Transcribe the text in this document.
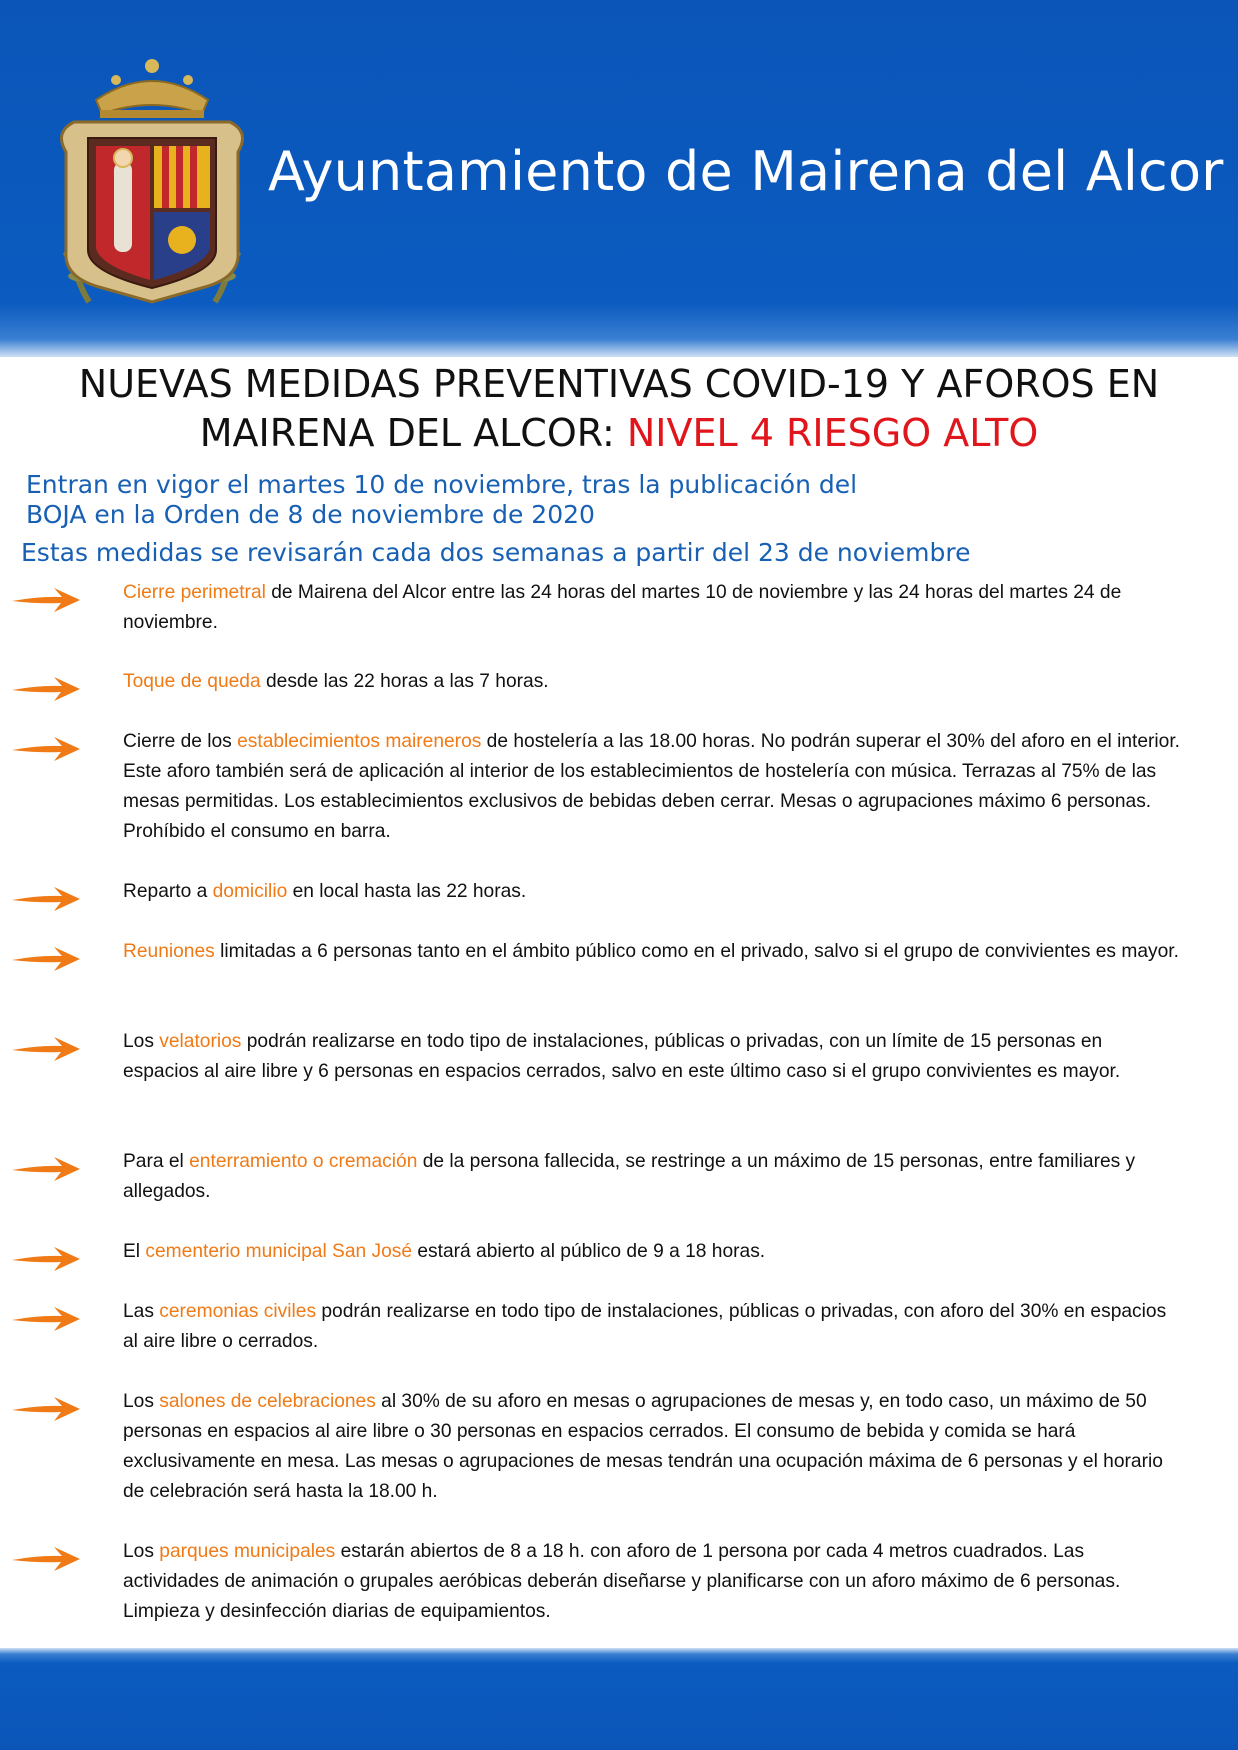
Ayuntamiento de Mairena del Alcor
NUEVAS MEDIDAS PREVENTIVAS COVID-19 Y AFOROS EN
MAIRENA DEL ALCOR: NIVEL 4 RIESGO ALTO
Entran en vigor el martes 10 de noviembre, tras la publicación del
BOJA en la Orden de 8 de noviembre de 2020
Estas medidas se revisarán cada dos semanas a partir del 23 de noviembre
Cierre perimetral de Mairena del Alcor entre las 24 horas del martes 10 de noviembre y las 24 horas del martes 24 de noviembre.
Toque de queda desde las 22 horas a las 7 horas.
Cierre de los establecimientos maireneros de hostelería a las 18.00 horas. No podrán superar el 30% del aforo en el interior. Este aforo también será de aplicación al interior de los establecimientos de hostelería con música. Terrazas al 75% de las mesas permitidas. Los establecimientos exclusivos de bebidas deben cerrar. Mesas o agrupaciones máximo 6 personas. Prohíbido el consumo en barra.
Reparto a domicilio en local hasta las 22 horas.
Reuniones limitadas a 6 personas tanto en el ámbito público como en el privado, salvo si el grupo de convivientes es mayor.
Los velatorios podrán realizarse en todo tipo de instalaciones, públicas o privadas, con un límite de 15 personas en espacios al aire libre y 6 personas en espacios cerrados, salvo en este último caso si el grupo convivientes es mayor.
Para el enterramiento o cremación de la persona fallecida, se restringe a un máximo de 15 personas, entre familiares y allegados.
El cementerio municipal San José estará abierto al público de 9 a 18 horas.
Las ceremonias civiles podrán realizarse en todo tipo de instalaciones, públicas o privadas, con aforo del 30% en espacios al aire libre o cerrados.
Los salones de celebraciones al 30% de su aforo en mesas o agrupaciones de mesas y, en todo caso, un máximo de 50 personas en espacios al aire libre o 30 personas en espacios cerrados. El consumo de bebida y comida se hará exclusivamente en mesa. Las mesas o agrupaciones de mesas tendrán una ocupación máxima de 6 personas y el horario de celebración será hasta la 18.00 h.
Los parques municipales estarán abiertos de 8 a 18 h. con aforo de 1 persona por cada 4 metros cuadrados. Las actividades de animación o grupales aeróbicas deberán diseñarse y planificarse con un aforo máximo de 6 personas. Limpieza y desinfección diarias de equipamientos.
